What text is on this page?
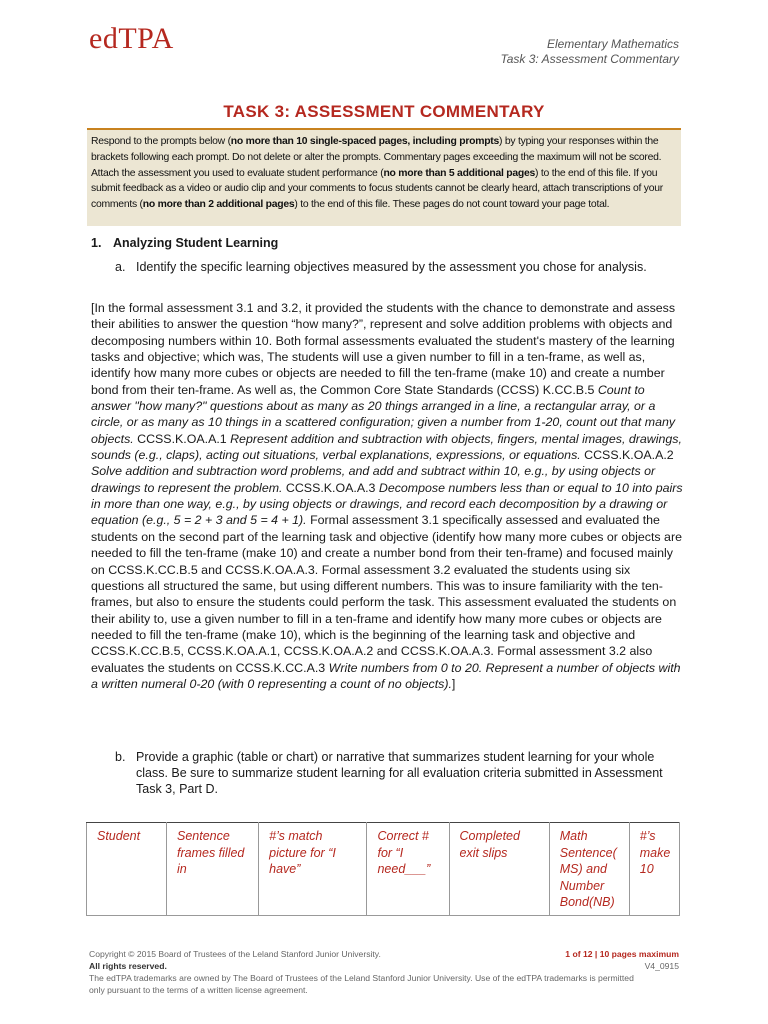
edTPA	Elementary Mathematics
Task 3: Assessment Commentary
TASK 3: ASSESSMENT COMMENTARY
Respond to the prompts below (no more than 10 single-spaced pages, including prompts) by typing your responses within the brackets following each prompt. Do not delete or alter the prompts. Commentary pages exceeding the maximum will not be scored. Attach the assessment you used to evaluate student performance (no more than 5 additional pages) to the end of this file. If you submit feedback as a video or audio clip and your comments to focus students cannot be clearly heard, attach transcriptions of your comments (no more than 2 additional pages) to the end of this file. These pages do not count toward your page total.
1. Analyzing Student Learning
a. Identify the specific learning objectives measured by the assessment you chose for analysis.
[In the formal assessment 3.1 and 3.2, it provided the students with the chance to demonstrate and assess their abilities to answer the question “how many?”, represent and solve addition problems with objects and decomposing numbers within 10. Both formal assessments evaluated the student's mastery of the learning tasks and objective; which was, The students will use a given number to fill in a ten-frame, as well as, identify how many more cubes or objects are needed to fill the ten-frame (make 10) and create a number bond from their ten-frame. As well as, the Common Core State Standards (CCSS) K.CC.B.5 Count to answer "how many?" questions about as many as 20 things arranged in a line, a rectangular array, or a circle, or as many as 10 things in a scattered configuration; given a number from 1-20, count out that many objects. CCSS.K.OA.A.1 Represent addition and subtraction with objects, fingers, mental images, drawings, sounds (e.g., claps), acting out situations, verbal explanations, expressions, or equations. CCSS.K.OA.A.2 Solve addition and subtraction word problems, and add and subtract within 10, e.g., by using objects or drawings to represent the problem. CCSS.K.OA.A.3 Decompose numbers less than or equal to 10 into pairs in more than one way, e.g., by using objects or drawings, and record each decomposition by a drawing or equation (e.g., 5 = 2 + 3 and 5 = 4 + 1). Formal assessment 3.1 specifically assessed and evaluated the students on the second part of the learning task and objective (identify how many more cubes or objects are needed to fill the ten-frame (make 10) and create a number bond from their ten-frame) and focused mainly on CCSS.K.CC.B.5 and CCSS.K.OA.A.3. Formal assessment 3.2 evaluated the students using six questions all structured the same, but using different numbers. This was to insure familiarity with the ten-frames, but also to ensure the students could perform the task. This assessment evaluated the students on their ability to, use a given number to fill in a ten-frame and identify how many more cubes or objects are needed to fill the ten-frame (make 10), which is the beginning of the learning task and objective and CCSS.K.CC.B.5, CCSS.K.OA.A.1, CCSS.K.OA.A.2 and CCSS.K.OA.A.3. Formal assessment 3.2 also evaluates the students on CCSS.K.CC.A.3 Write numbers from 0 to 20. Represent a number of objects with a written numeral 0-20 (with 0 representing a count of no objects).]
b. Provide a graphic (table or chart) or narrative that summarizes student learning for your whole class. Be sure to summarize student learning for all evaluation criteria submitted in Assessment Task 3, Part D.
Student	Sentence frames filled in	#’s match picture for “I have”	Correct # for “I need___”	Completed exit slips	Math Sentence( MS) and Number Bond(NB)	#’s make 10
Copyright © 2015 Board of Trustees of the Leland Stanford Junior University.
All rights reserved.
The edTPA trademarks are owned by The Board of Trustees of the Leland Stanford Junior University. Use of the edTPA trademarks is permitted only pursuant to the terms of a written license agreement.
1 of 12 | 10 pages maximum
V4_0915
